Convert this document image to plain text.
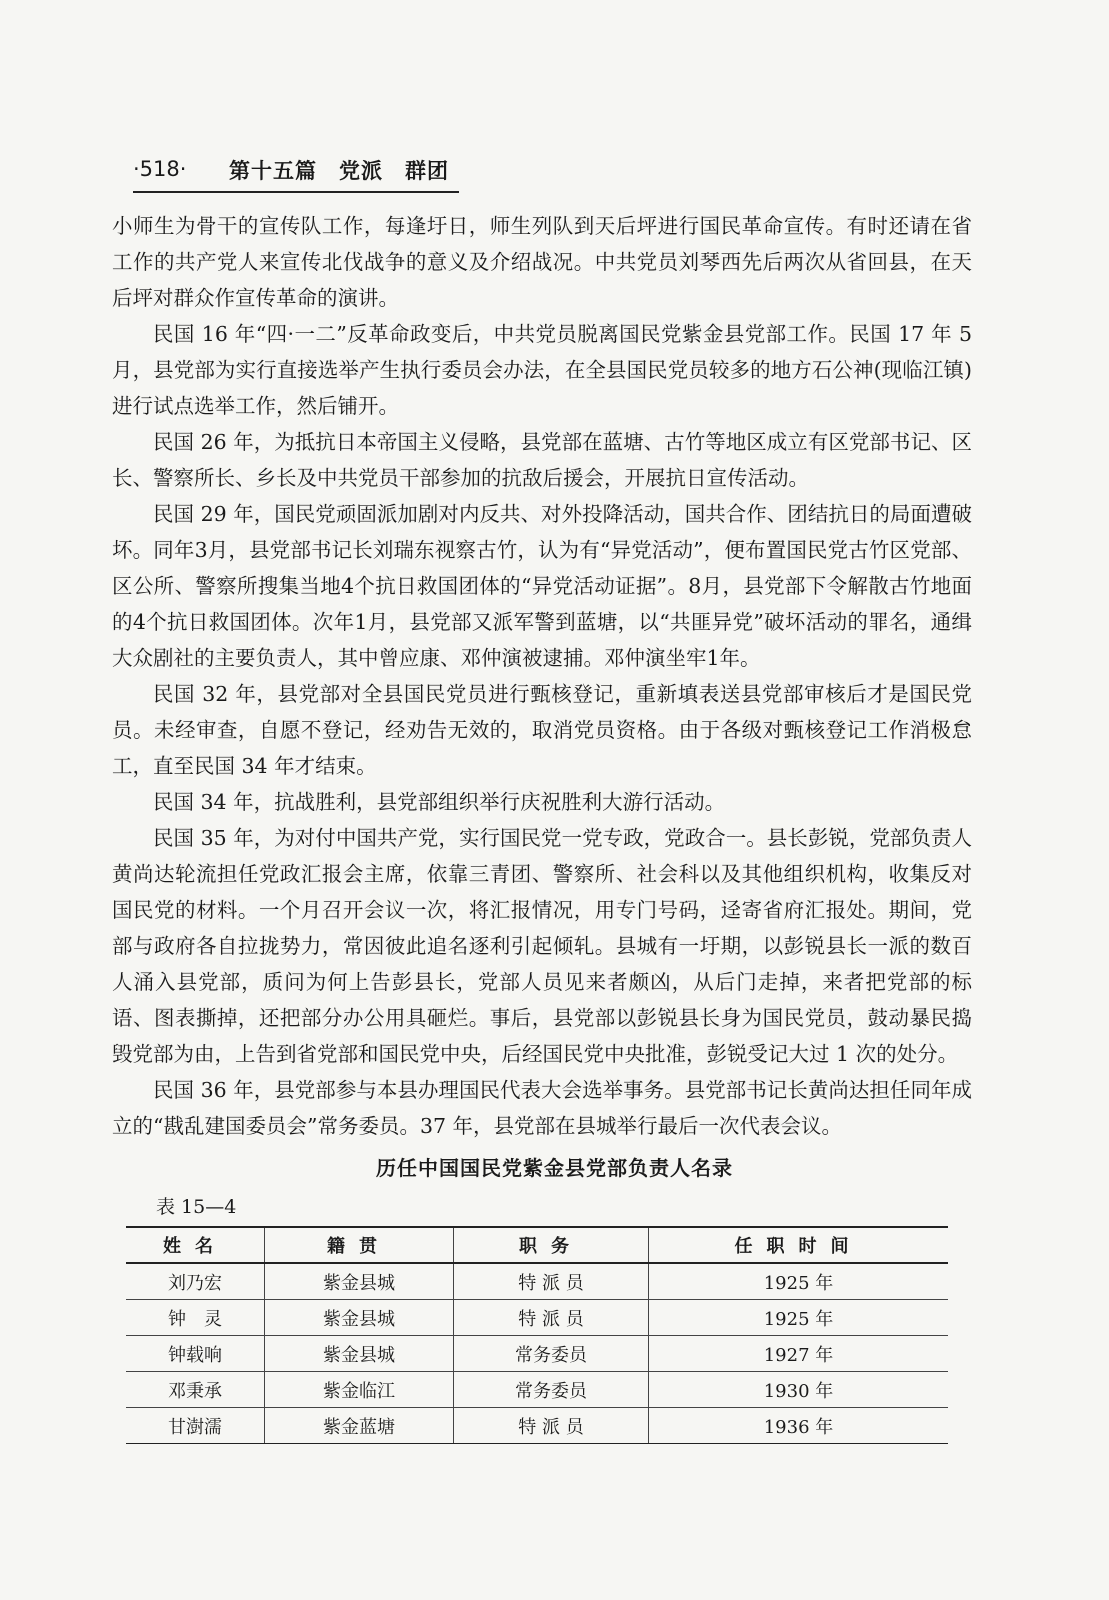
·518· 第十五篇　党派　群团

小师生为骨干的宣传队工作，每逢圩日，师生列队到天后坪进行国民革命宣传。有时还请在省工作的共产党人来宣传北伐战争的意义及介绍战况。中共党员刘琴西先后两次从省回县，在天后坪对群众作宣传革命的演讲。

民国 16 年“四·一二”反革命政变后，中共党员脱离国民党紫金县党部工作。民国 17 年 5 月，县党部为实行直接选举产生执行委员会办法，在全县国民党员较多的地方石公神(现临江镇)进行试点选举工作，然后铺开。

民国 26 年，为抵抗日本帝国主义侵略，县党部在蓝塘、古竹等地区成立有区党部书记、区长、警察所长、乡长及中共党员干部参加的抗敌后援会，开展抗日宣传活动。

民国 29 年，国民党顽固派加剧对内反共、对外投降活动，国共合作、团结抗日的局面遭破坏。同年3月，县党部书记长刘瑞东视察古竹，认为有“异党活动”，便布置国民党古竹区党部、区公所、警察所搜集当地4个抗日救国团体的“异党活动证据”。8月，县党部下令解散古竹地面的4个抗日救国团体。次年1月，县党部又派军警到蓝塘，以“共匪异党”破坏活动的罪名，通缉大众剧社的主要负责人，其中曾应康、邓仲演被逮捕。邓仲演坐牢1年。

民国 32 年，县党部对全县国民党员进行甄核登记，重新填表送县党部审核后才是国民党员。未经审查，自愿不登记，经劝告无效的，取消党员资格。由于各级对甄核登记工作消极怠工，直至民国 34 年才结束。

民国 34 年，抗战胜利，县党部组织举行庆祝胜利大游行活动。

民国 35 年，为对付中国共产党，实行国民党一党专政，党政合一。县长彭锐，党部负责人黄尚达轮流担任党政汇报会主席，依靠三青团、警察所、社会科以及其他组织机构，收集反对国民党的材料。一个月召开会议一次，将汇报情况，用专门号码，迳寄省府汇报处。期间，党部与政府各自拉拢势力，常因彼此追名逐利引起倾轧。县城有一圩期，以彭锐县长一派的数百人涌入县党部，质问为何上告彭县长，党部人员见来者颇凶，从后门走掉，来者把党部的标语、图表撕掉，还把部分办公用具砸烂。事后，县党部以彭锐县长身为国民党员，鼓动暴民捣毁党部为由，上告到省党部和国民党中央，后经国民党中央批准，彭锐受记大过 1 次的处分。

民国 36 年，县党部参与本县办理国民代表大会选举事务。县党部书记长黄尚达担任同年成立的“戡乱建国委员会”常务委员。37 年，县党部在县城举行最后一次代表会议。

历任中国国民党紫金县党部负责人名录
表 15—4
姓名	籍贯	职务	任职时间
刘乃宏	紫金县城	特 派 员	1925 年
钟　灵	紫金县城	特 派 员	1925 年
钟载响	紫金县城	常务委员	1927 年
邓秉承	紫金临江	常务委员	1930 年
甘澍濡	紫金蓝塘	特 派 员	1936 年
